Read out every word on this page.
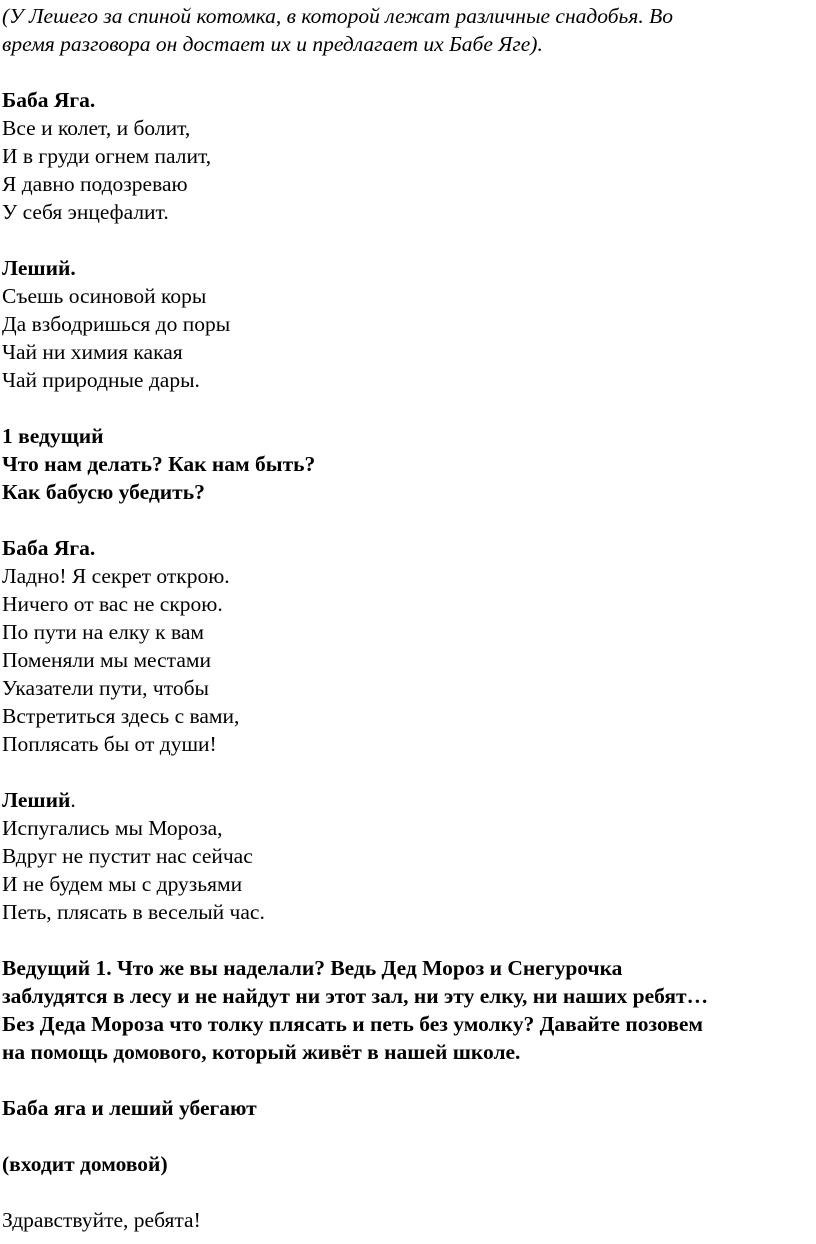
(У Лешего за спиной котомка, в которой лежат различные снадобья. Во

время разговора он достает их и предлагает их Бабе Яге).

Баба Яга.

Все и колет, и болит,

И в груди огнем палит,

Я давно подозреваю

У себя энцефалит.

Леший.

Съешь осиновой коры

Да взбодришься до поры

Чай ни химия какая

Чай природные дары.

1 ведущий

Что нам делать? Как нам быть?

Как бабусю убедить?

Баба Яга.

Ладно! Я секрет открою.

Ничего от вас не скрою.

По пути на елку к вам

Поменяли мы местами

Указатели пути, чтобы

Встретиться здесь с вами,

Поплясать бы от души!

Леший.

Испугались мы Мороза,

Вдруг не пустит нас сейчас

И не будем мы с друзьями

Петь, плясать в веселый час.

Ведущий 1. Что же вы наделали? Ведь Дед Мороз и Снегурочка

заблудятся в лесу и не найдут ни этот зал, ни эту елку, ни наших ребят…

Без Деда Мороза что толку плясать и петь без умолку? Давайте позовем

на помощь домового, который живёт в нашей школе.

Баба яга и леший убегают

(входит домовой)

Здравствуйте, ребята!
